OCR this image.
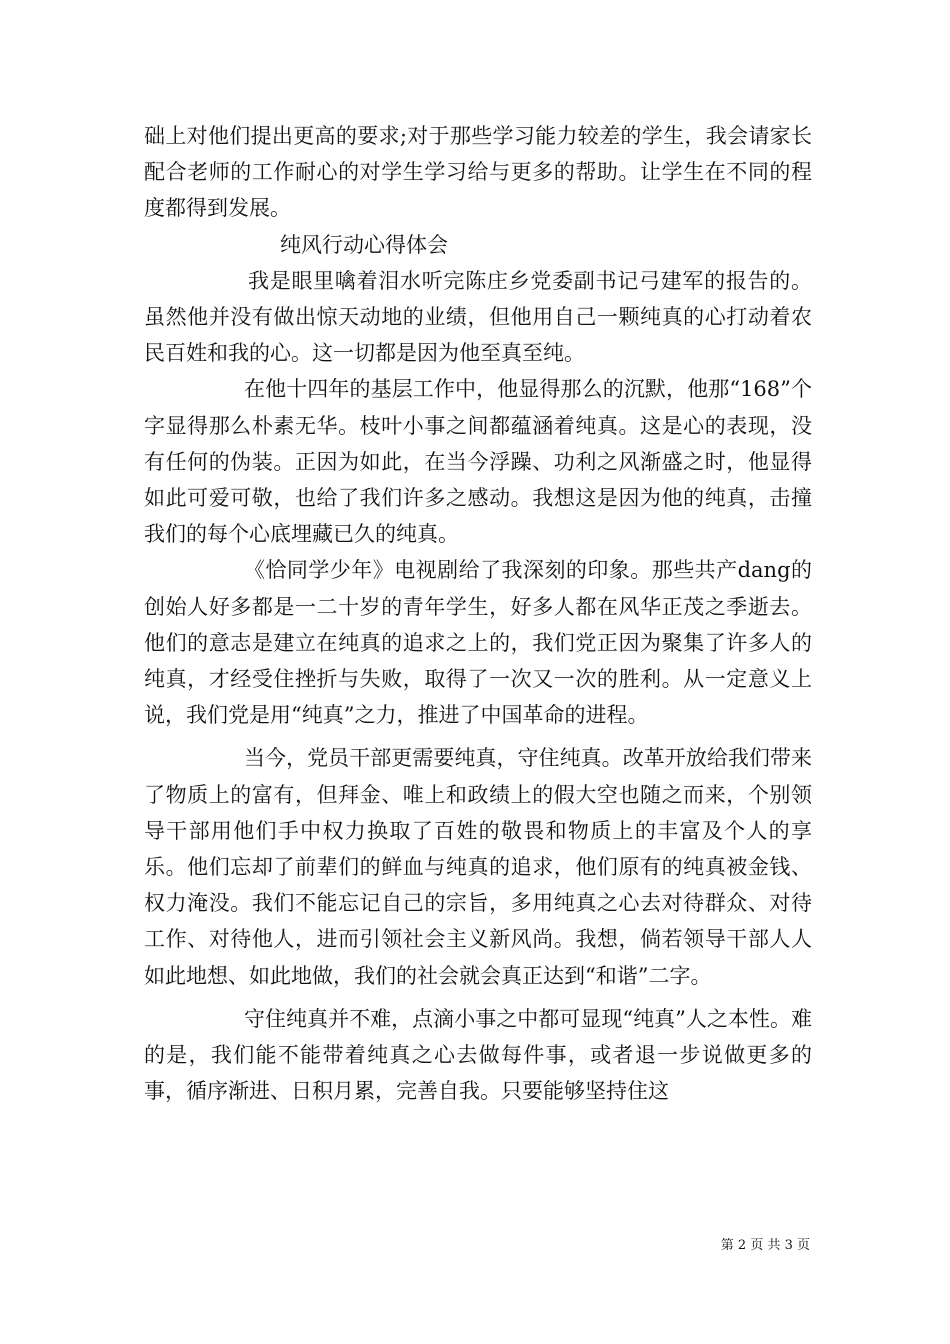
础上对他们提出更高的要求;对于那些学习能力较差的学生，我会请家长配合老师的工作耐心的对学生学习给与更多的帮助。让学生在不同的程度都得到发展。

纯风行动心得体会

我是眼里噙着泪水听完陈庄乡党委副书记弓建军的报告的。虽然他并没有做出惊天动地的业绩，但他用自己一颗纯真的心打动着农民百姓和我的心。这一切都是因为他至真至纯。

在他十四年的基层工作中，他显得那么的沉默，他那“168”个字显得那么朴素无华。枝叶小事之间都蕴涵着纯真。这是心的表现，没有任何的伪装。正因为如此，在当今浮躁、功利之风渐盛之时，他显得如此可爱可敬，也给了我们许多之感动。我想这是因为他的纯真，击撞我们的每个心底埋藏已久的纯真。

《恰同学少年》电视剧给了我深刻的印象。那些共产dang的创始人好多都是一二十岁的青年学生，好多人都在风华正茂之季逝去。他们的意志是建立在纯真的追求之上的，我们党正因为聚集了许多人的纯真，才经受住挫折与失败，取得了一次又一次的胜利。从一定意义上说，我们党是用“纯真”之力，推进了中国革命的进程。

当今，党员干部更需要纯真，守住纯真。改革开放给我们带来了物质上的富有，但拜金、唯上和政绩上的假大空也随之而来，个别领导干部用他们手中权力换取了百姓的敬畏和物质上的丰富及个人的享乐。他们忘却了前辈们的鲜血与纯真的追求，他们原有的纯真被金钱、权力淹没。我们不能忘记自己的宗旨，多用纯真之心去对待群众、对待工作、对待他人，进而引领社会主义新风尚。我想，倘若领导干部人人如此地想、如此地做，我们的社会就会真正达到“和谐”二字。

守住纯真并不难，点滴小事之中都可显现“纯真”人之本性。难的是，我们能不能带着纯真之心去做每件事，或者退一步说做更多的事，循序渐进、日积月累，完善自我。只要能够坚持住这

第 2 页 共 3 页
